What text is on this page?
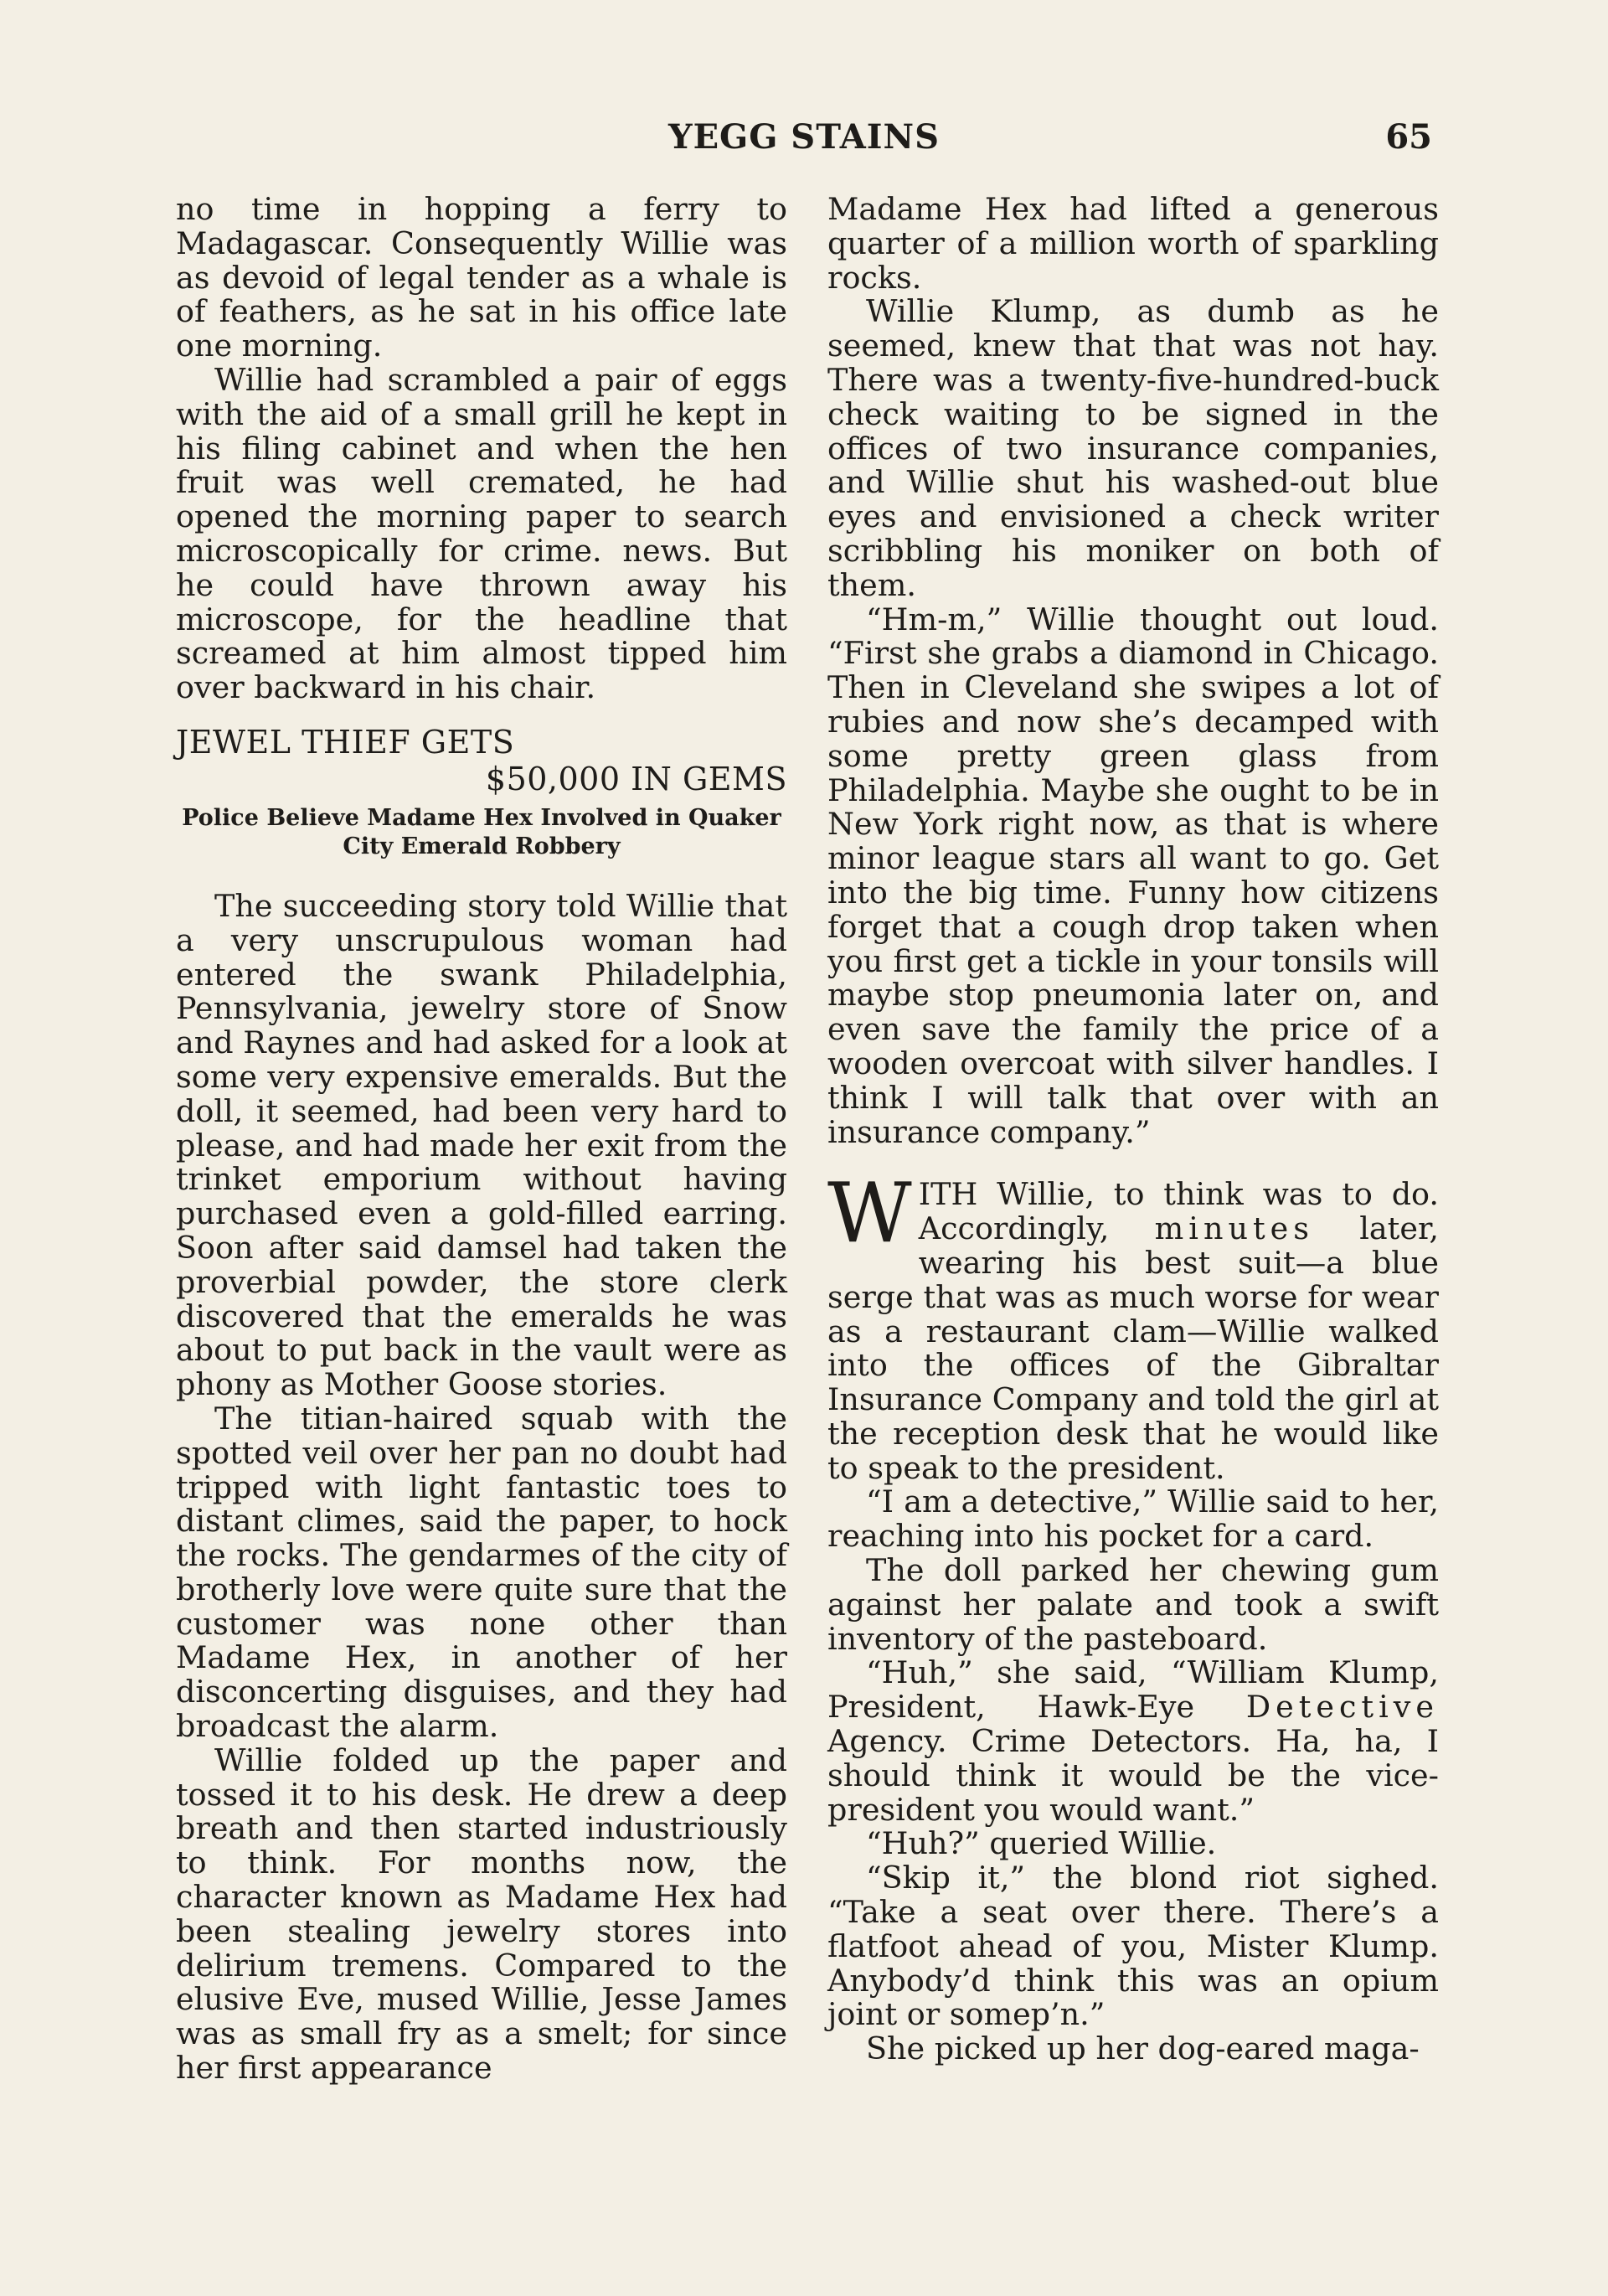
YEGG STAINS	65

no time in hopping a ferry to Madagascar. Consequently Willie was as devoid of legal tender as a whale is of feathers, as he sat in his office late one morning.

Willie had scrambled a pair of eggs with the aid of a small grill he kept in his filing cabinet and when the hen fruit was well cremated, he had opened the morning paper to search microscopically for crime. news. But he could have thrown away his microscope, for the headline that screamed at him almost tipped him over backward in his chair.

JEWEL THIEF GETS
$50,000 IN GEMS
Police Believe Madame Hex Involved in Quaker City Emerald Robbery

The succeeding story told Willie that a very unscrupulous woman had entered the swank Philadelphia, Pennsylvania, jewelry store of Snow and Raynes and had asked for a look at some very expensive emeralds. But the doll, it seemed, had been very hard to please, and had made her exit from the trinket emporium without having purchased even a gold-filled earring. Soon after said damsel had taken the proverbial powder, the store clerk discovered that the emeralds he was about to put back in the vault were as phony as Mother Goose stories.

The titian-haired squab with the spotted veil over her pan no doubt had tripped with light fantastic toes to distant climes, said the paper, to hock the rocks. The gendarmes of the city of brotherly love were quite sure that the customer was none other than Madame Hex, in another of her disconcerting disguises, and they had broadcast the alarm.

Willie folded up the paper and tossed it to his desk. He drew a deep breath and then started industriously to think. For months now, the character known as Madame Hex had been stealing jewelry stores into delirium tremens. Compared to the elusive Eve, mused Willie, Jesse James was as small fry as a smelt; for since her first appearance

Madame Hex had lifted a generous quarter of a million worth of sparkling rocks.

Willie Klump, as dumb as he seemed, knew that that was not hay. There was a twenty-five-hundred-buck check waiting to be signed in the offices of two insurance companies, and Willie shut his washed-out blue eyes and envisioned a check writer scribbling his moniker on both of them.

“Hm-m,” Willie thought out loud. “First she grabs a diamond in Chicago. Then in Cleveland she swipes a lot of rubies and now she’s decamped with some pretty green glass from Philadelphia. Maybe she ought to be in New York right now, as that is where minor league stars all want to go. Get into the big time. Funny how citizens forget that a cough drop taken when you first get a tickle in your tonsils will maybe stop pneumonia later on, and even save the family the price of a wooden overcoat with silver handles. I think I will talk that over with an insurance company.”

WITH Willie, to think was to do. Accordingly, minutes later, wearing his best suit—a blue serge that was as much worse for wear as a restaurant clam—Willie walked into the offices of the Gibraltar Insurance Company and told the girl at the reception desk that he would like to speak to the president.

“I am a detective,” Willie said to her, reaching into his pocket for a card.

The doll parked her chewing gum against her palate and took a swift inventory of the pasteboard.

“Huh,” she said, “William Klump, President, Hawk-Eye Detective Agency. Crime Detectors. Ha, ha, I should think it would be the vice-president you would want.”

“Huh?” queried Willie.

“Skip it,” the blond riot sighed. “Take a seat over there. There’s a flatfoot ahead of you, Mister Klump. Anybody’d think this was an opium joint or somep’n.”

She picked up her dog-eared maga-
